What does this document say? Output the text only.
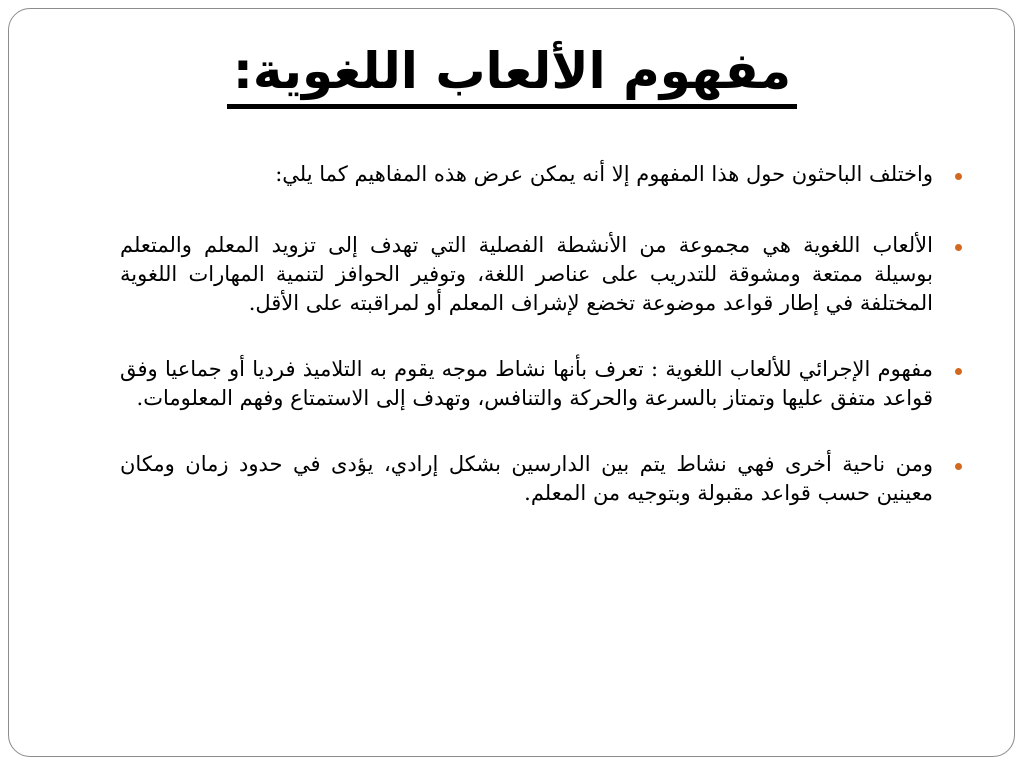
مفهوم الألعاب اللغوية:

واختلف الباحثون حول هذا المفهوم إلا أنه يمكن عرض هذه المفاهيم كما يلي:

الألعاب اللغوية هي مجموعة من الأنشطة الفصلية التي تهدف إلى تزويد المعلم والمتعلم بوسيلة ممتعة ومشوقة للتدريب على عناصر اللغة، وتوفير الحوافز لتنمية المهارات اللغوية المختلفة في إطار قواعد موضوعة تخضع لإشراف المعلم أو لمراقبته على الأقل.

مفهوم الإجرائي للألعاب اللغوية : تعرف بأنها نشاط موجه يقوم به التلاميذ فرديا أو جماعيا وفق قواعد متفق عليها وتمتاز بالسرعة والحركة والتنافس، وتهدف إلى الاستمتاع وفهم المعلومات.

ومن ناحية أخرى فهي نشاط يتم بين الدارسين بشكل إرادي، يؤدى في حدود زمان ومكان معينين حسب قواعد مقبولة وبتوجيه من المعلم.
